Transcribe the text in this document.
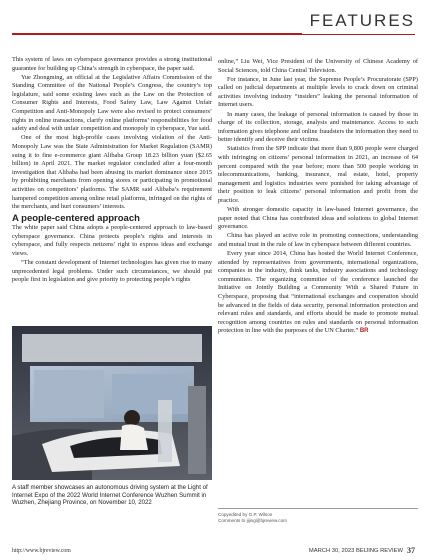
FEATURES

This system of laws on cyberspace governance provides a strong institutional guarantee for building up China’s strength in cyberspace, the paper said.

Yue Zhongming, an official at the Legislative Affairs Commission of the Standing Committee of the National People’s Congress, the country’s top legislature, said some existing laws such as the Law on the Protection of Consumer Rights and Interests, Food Safety Law, Law Against Unfair Competition and Anti-Monopoly Law were also revised to protect consumers’ rights in online transactions, clarify online platforms’ responsibilities for food safety and deal with unfair competition and monopoly in cyberspace, Yue said.

One of the most high-profile cases involving violation of the Anti-Monopoly Law was the State Administration for Market Regulation (SAMR) suing it to fine e-commerce giant Alibaba Group 18.23 billion yuan ($2.65 billion) in April 2021. The market regulator concluded after a four-month investigation that Alibaba had been abusing its market dominance since 2015 by prohibiting merchants from opening stores or participating in promotional activities on competitors’ platforms. The SAMR said Alibaba’s requirement hampered competition among online retail platforms, infringed on the rights of the merchants, and hurt consumers’ interests.

A people-centered approach

The white paper said China adopts a people-centered approach to law-based cyberspace governance. China protects people’s rights and interests in cyberspace, and fully respects netizens’ right to express ideas and exchange views.

“The constant development of Internet technologies has given rise to many unprecedented legal problems. Under such circumstances, we should put people first in legislation and give priority to protecting people’s rights

A staff member showcases an autonomous driving system at the Light of Internet Expo of the 2022 World Internet Conference Wuzhen Summit in Wuzhen, Zhejiang Province, on November 10, 2022

online,” Liu Wei, Vice President of the University of Chinese Academy of Social Sciences, told China Central Television.

For instance, in June last year, the Supreme People’s Procuratorate (SPP) called on judicial departments at multiple levels to crack down on criminal activities involving industry “insiders” leaking the personal information of Internet users.

In many cases, the leakage of personal information is caused by those in charge of its collection, storage, analysis and maintenance. Access to such information gives telephone and online fraudsters the information they need to better identify and deceive their victims.

Statistics from the SPP indicate that more than 9,800 people were charged with infringing on citizens’ personal information in 2021, an increase of 64 percent compared with the year before; more than 500 people working in telecommunications, banking, insurance, real estate, hotel, property management and logistics industries were punished for taking advantage of their position to leak citizens’ personal information and profit from the practice.

With stronger domestic capacity in law-based Internet governance, the paper noted that China has contributed ideas and solutions to global Internet governance.

China has played an active role in promoting connections, understanding and mutual trust in the rule of law in cyberspace between different countries.

Every year since 2014, China has hosted the World Internet Conference, attended by representatives from governments, international organizations, companies in the industry, think tanks, industry associations and technology communities. The organizing committee of the conference launched the Initiative on Jointly Building a Community With a Shared Future in Cyberspace, proposing that “international exchanges and cooperation should be advanced in the fields of data security, personal information protection and relevant rules and standards, and efforts should be made to promote mutual recognition among countries on rules and standards on personal information protection in line with the purposes of the UN Charter.” BR

Copyedited by G.P. Wilson
Comments to jijing@bjreview.com
http://www.bjreview.com	MARCH 30, 2023 BEIJING REVIEW 37
